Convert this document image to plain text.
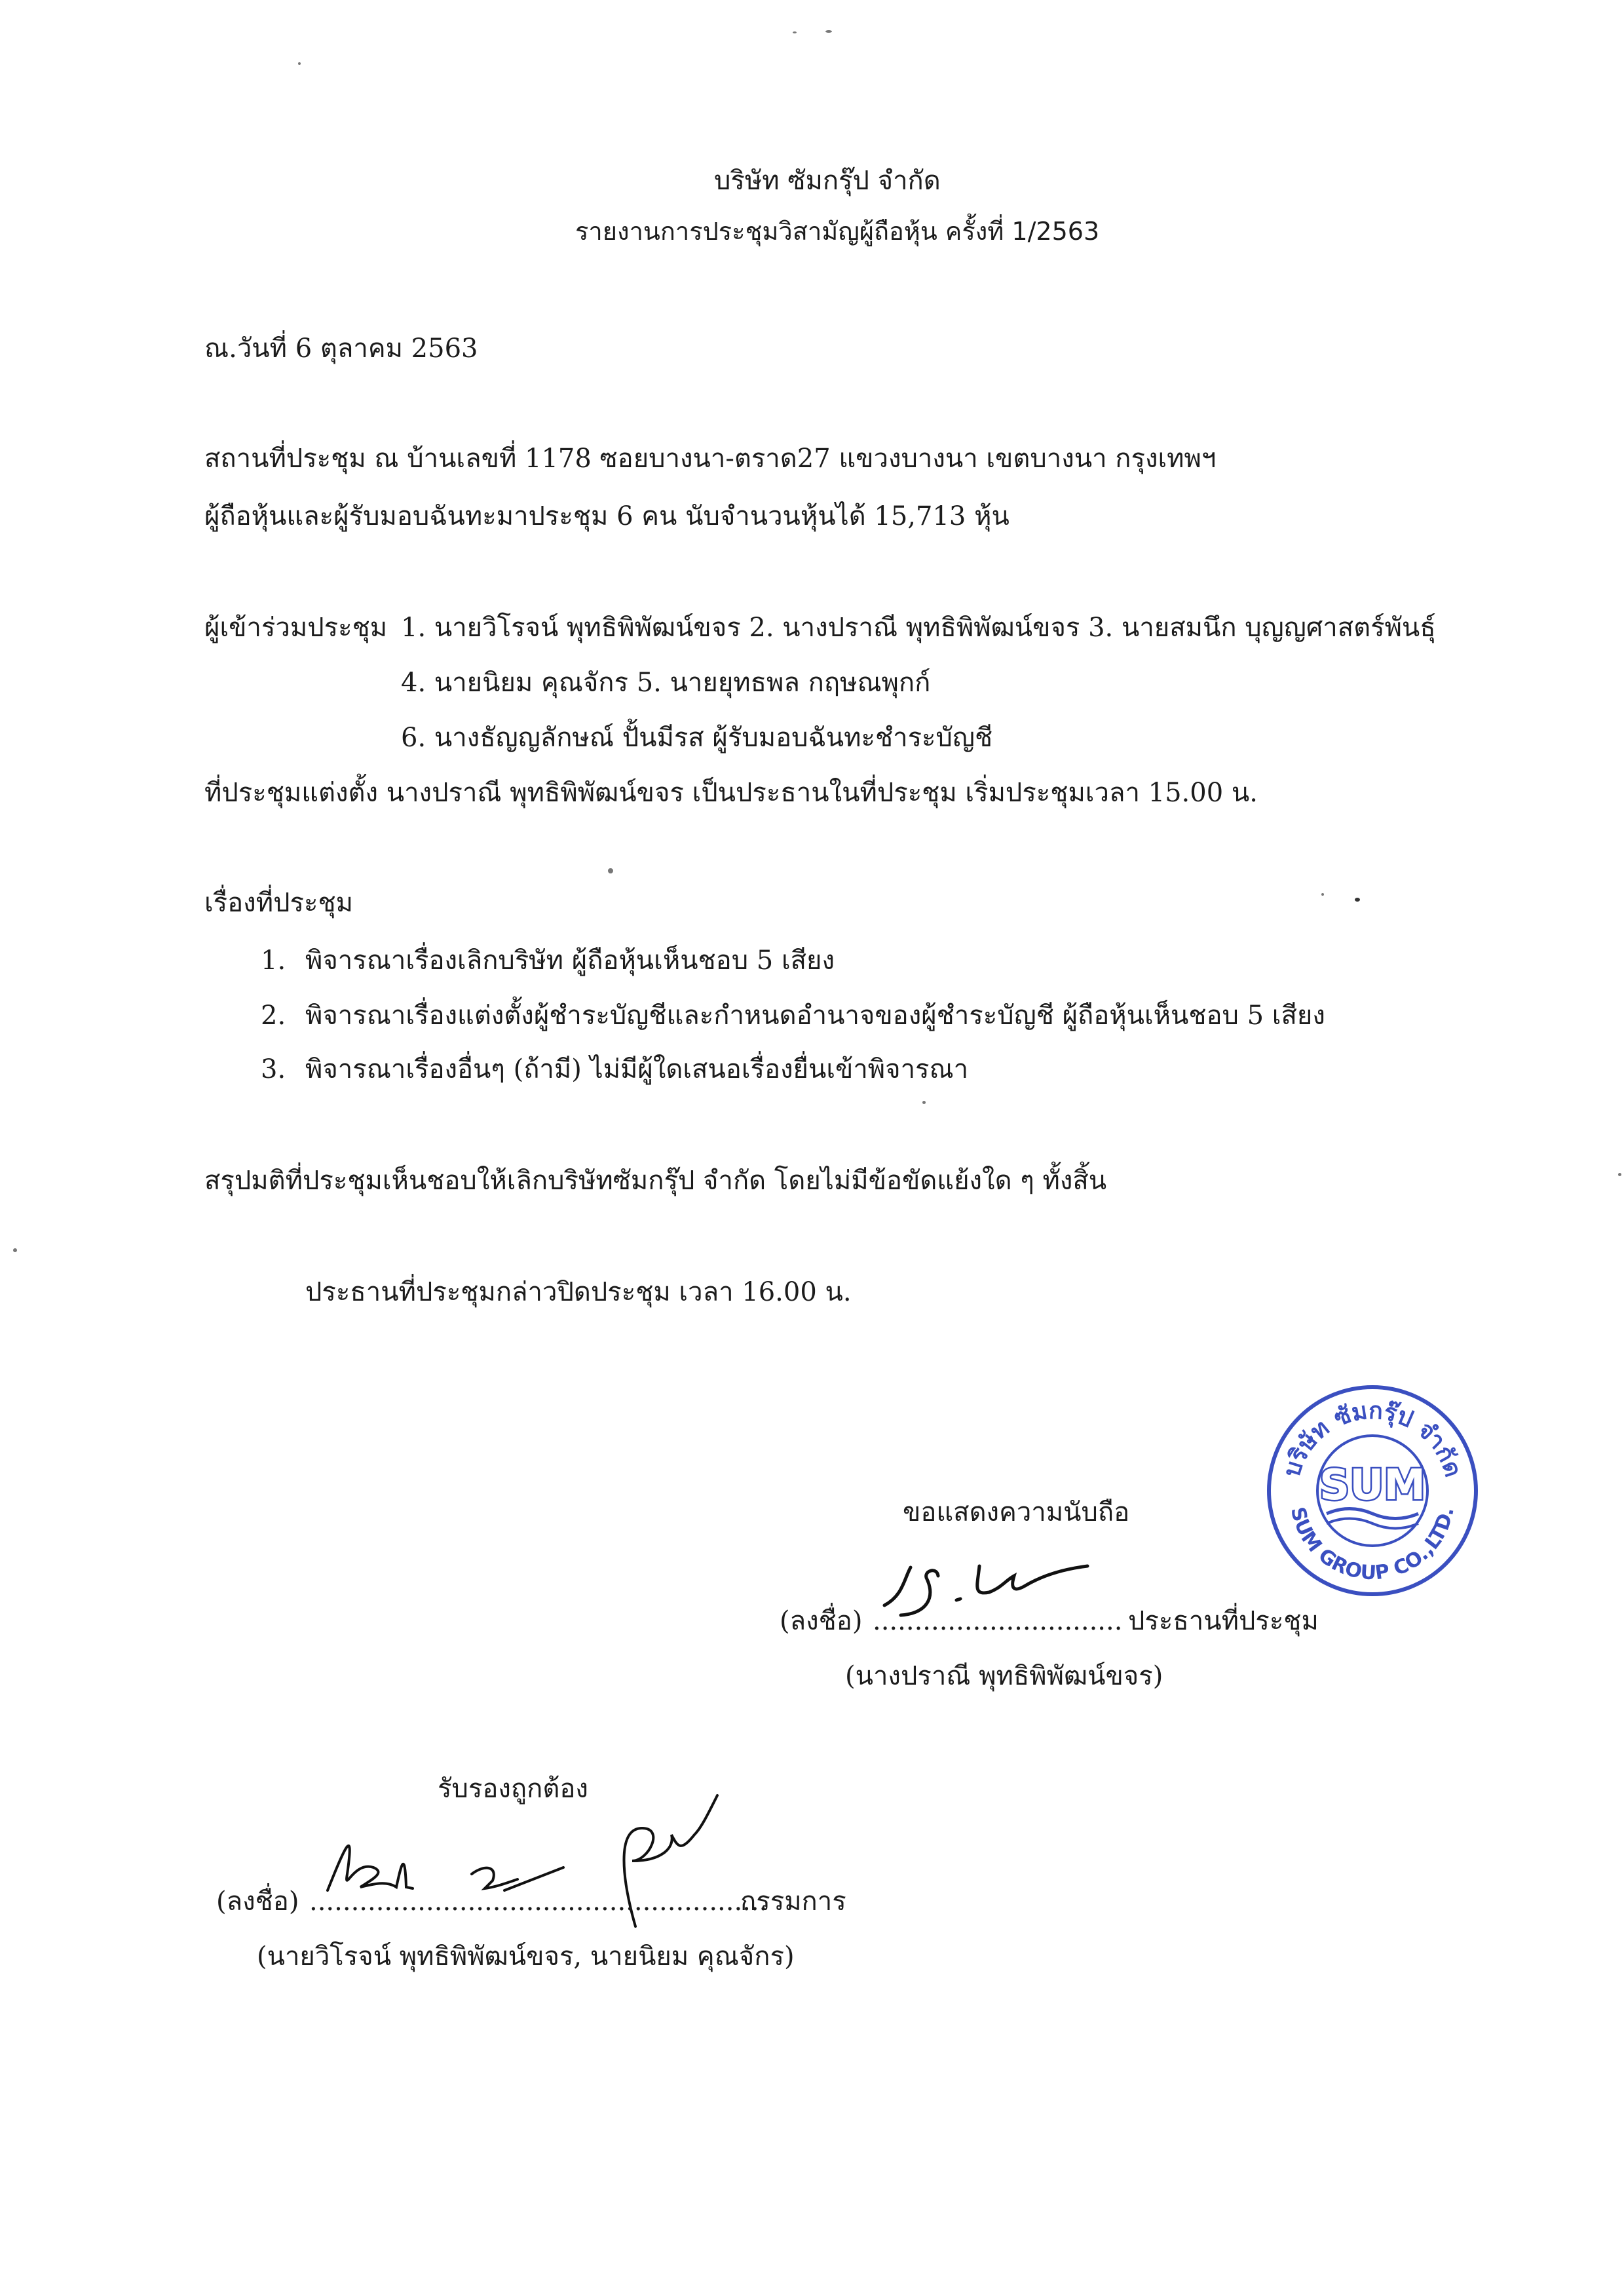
บริษัท ซัมกรุ๊ป จำกัด
รายงานการประชุมวิสามัญผู้ถือหุ้น ครั้งที่ 1/2563
ณ.วันที่ 6 ตุลาคม 2563
สถานที่ประชุม ณ บ้านเลขที่ 1178 ซอยบางนา-ตราด27 แขวงบางนา เขตบางนา กรุงเทพฯ
ผู้ถือหุ้นและผู้รับมอบฉันทะมาประชุม 6 คน นับจำนวนหุ้นได้ 15,713 หุ้น
ผู้เข้าร่วมประชุม 1. นายวิโรจน์ พุทธิพิพัฒน์ขจร 2. นางปราณี พุทธิพิพัฒน์ขจร 3. นายสมนึก บุญญศาสตร์พันธุ์
4. นายนิยม คุณจักร 5. นายยุทธพล กฤษณพุกก์
6. นางธัญญลักษณ์ ปั้นมีรส ผู้รับมอบฉันทะชำระบัญชี
ที่ประชุมแต่งตั้ง นางปราณี พุทธิพิพัฒน์ขจร เป็นประธานในที่ประชุม เริ่มประชุมเวลา 15.00 น.
เรื่องที่ประชุม
1. พิจารณาเรื่องเลิกบริษัท ผู้ถือหุ้นเห็นชอบ 5 เสียง
2. พิจารณาเรื่องแต่งตั้งผู้ชำระบัญชีและกำหนดอำนาจของผู้ชำระบัญชี ผู้ถือหุ้นเห็นชอบ 5 เสียง
3. พิจารณาเรื่องอื่นๆ (ถ้ามี) ไม่มีผู้ใดเสนอเรื่องยื่นเข้าพิจารณา
สรุปมติที่ประชุมเห็นชอบให้เลิกบริษัทซัมกรุ๊ป จำกัด โดยไม่มีข้อขัดแย้งใด ๆ ทั้งสิ้น
ประธานที่ประชุมกล่าวปิดประชุม เวลา 16.00 น.
บริษัท ซัมกรุ๊ป จำกัด
SUM GROUP CO.,LTD.
SUM
ขอแสดงความนับถือ
(ลงชื่อ) .............................. ประธานที่ประชุม
(นางปราณี พุทธิพิพัฒน์ขจร)
รับรองถูกต้อง
(ลงชื่อ) .......................................................
กรรมการ
(นายวิโรจน์ พุทธิพิพัฒน์ขจร, นายนิยม คุณจักร)
